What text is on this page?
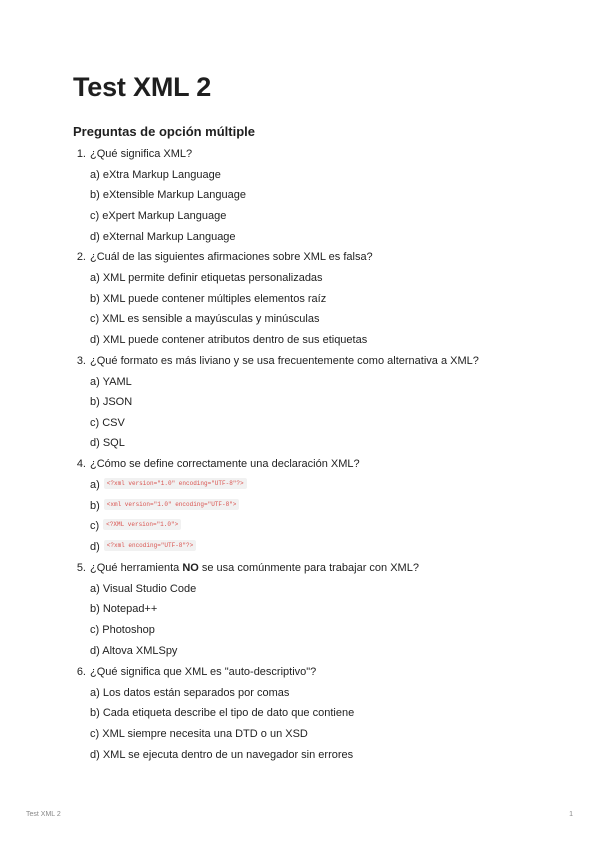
Test XML 2
Preguntas de opción múltiple
1. ¿Qué significa XML?
a) eXtra Markup Language
b) eXtensible Markup Language
c) eXpert Markup Language
d) eXternal Markup Language
2. ¿Cuál de las siguientes afirmaciones sobre XML es falsa?
a) XML permite definir etiquetas personalizadas
b) XML puede contener múltiples elementos raíz
c) XML es sensible a mayúsculas y minúsculas
d) XML puede contener atributos dentro de sus etiquetas
3. ¿Qué formato es más liviano y se usa frecuentemente como alternativa a XML?
a) YAML
b) JSON
c) CSV
d) SQL
4. ¿Cómo se define correctamente una declaración XML?
a) <?xml version="1.0" encoding="UTF-8"?>
b) <xml version="1.0" encoding="UTF-8">
c) <?XML version="1.0">
d) <?xml encoding="UTF-8"?>
5. ¿Qué herramienta NO se usa comúnmente para trabajar con XML?
a) Visual Studio Code
b) Notepad++
c) Photoshop
d) Altova XMLSpy
6. ¿Qué significa que XML es "auto-descriptivo"?
a) Los datos están separados por comas
b) Cada etiqueta describe el tipo de dato que contiene
c) XML siempre necesita una DTD o un XSD
d) XML se ejecuta dentro de un navegador sin errores
Test XML 2	1
